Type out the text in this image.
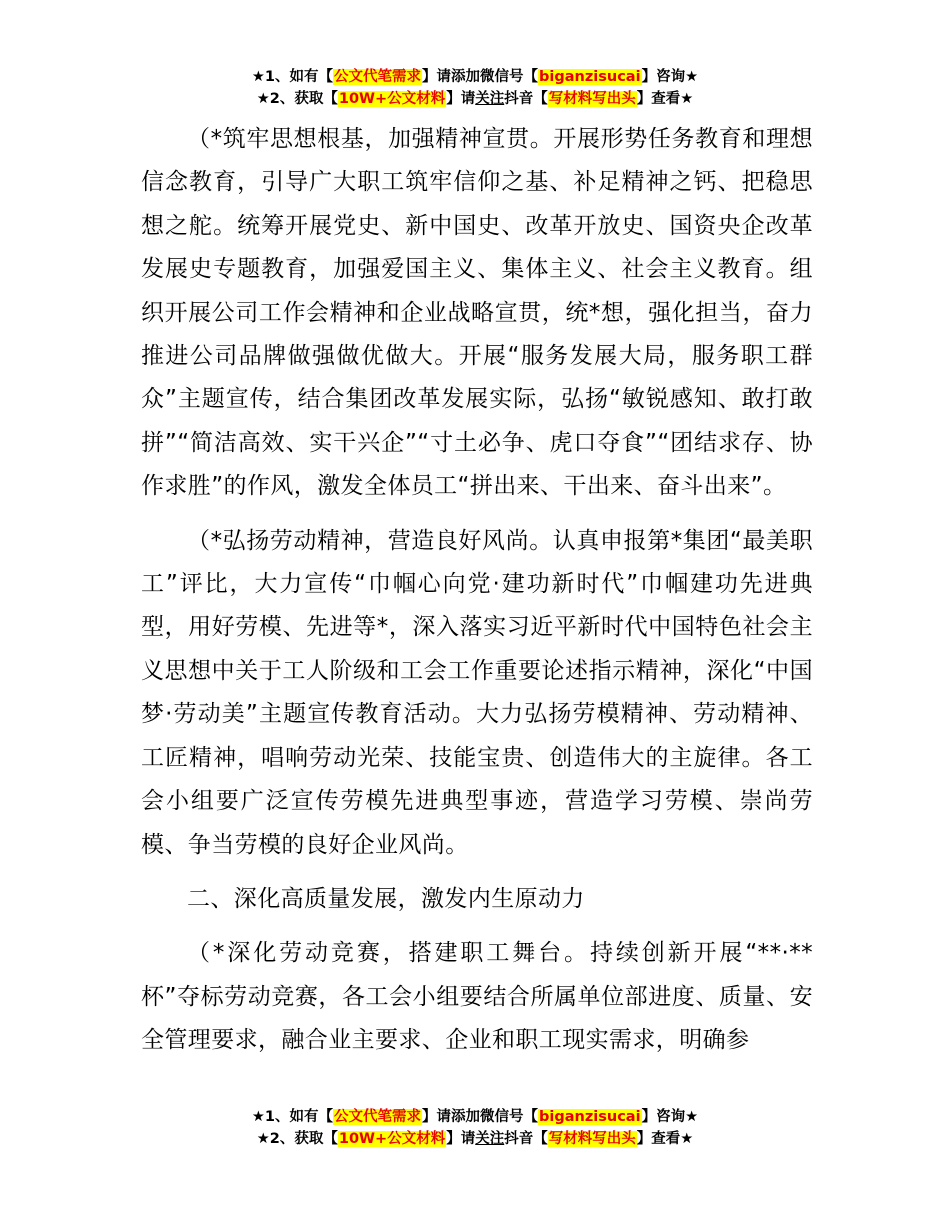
★1、如有【公文代笔需求】请添加微信号【biganzisucai】咨询★
★2、获取【10W+公文材料】请关注抖音【写材料写出头】查看★

（*筑牢思想根基，加强精神宣贯。开展形势任务教育和理想信念教育，引导广大职工筑牢信仰之基、补足精神之钙、把稳思想之舵。统筹开展党史、新中国史、改革开放史、国资央企改革发展史专题教育，加强爱国主义、集体主义、社会主义教育。组织开展公司工作会精神和企业战略宣贯，统*想，强化担当，奋力推进公司品牌做强做优做大。开展“服务发展大局，服务职工群众”主题宣传，结合集团改革发展实际，弘扬“敏锐感知、敢打敢拼”“简洁高效、实干兴企”“寸土必争、虎口夺食”“团结求存、协作求胜”的作风，激发全体员工“拼出来、干出来、奋斗出来”。

（*弘扬劳动精神，营造良好风尚。认真申报第*集团“最美职工”评比，大力宣传“巾帼心向党·建功新时代”巾帼建功先进典型，用好劳模、先进等*，深入落实习近平新时代中国特色社会主义思想中关于工人阶级和工会工作重要论述指示精神，深化“中国梦·劳动美”主题宣传教育活动。大力弘扬劳模精神、劳动精神、工匠精神，唱响劳动光荣、技能宝贵、创造伟大的主旋律。各工会小组要广泛宣传劳模先进典型事迹，营造学习劳模、崇尚劳模、争当劳模的良好企业风尚。

二、深化高质量发展，激发内生原动力

（*深化劳动竞赛，搭建职工舞台。持续创新开展“**·**杯”夺标劳动竞赛，各工会小组要结合所属单位部进度、质量、安全管理要求，融合业主要求、企业和职工现实需求，明确参

★1、如有【公文代笔需求】请添加微信号【biganzisucai】咨询★
★2、获取【10W+公文材料】请关注抖音【写材料写出头】查看★
